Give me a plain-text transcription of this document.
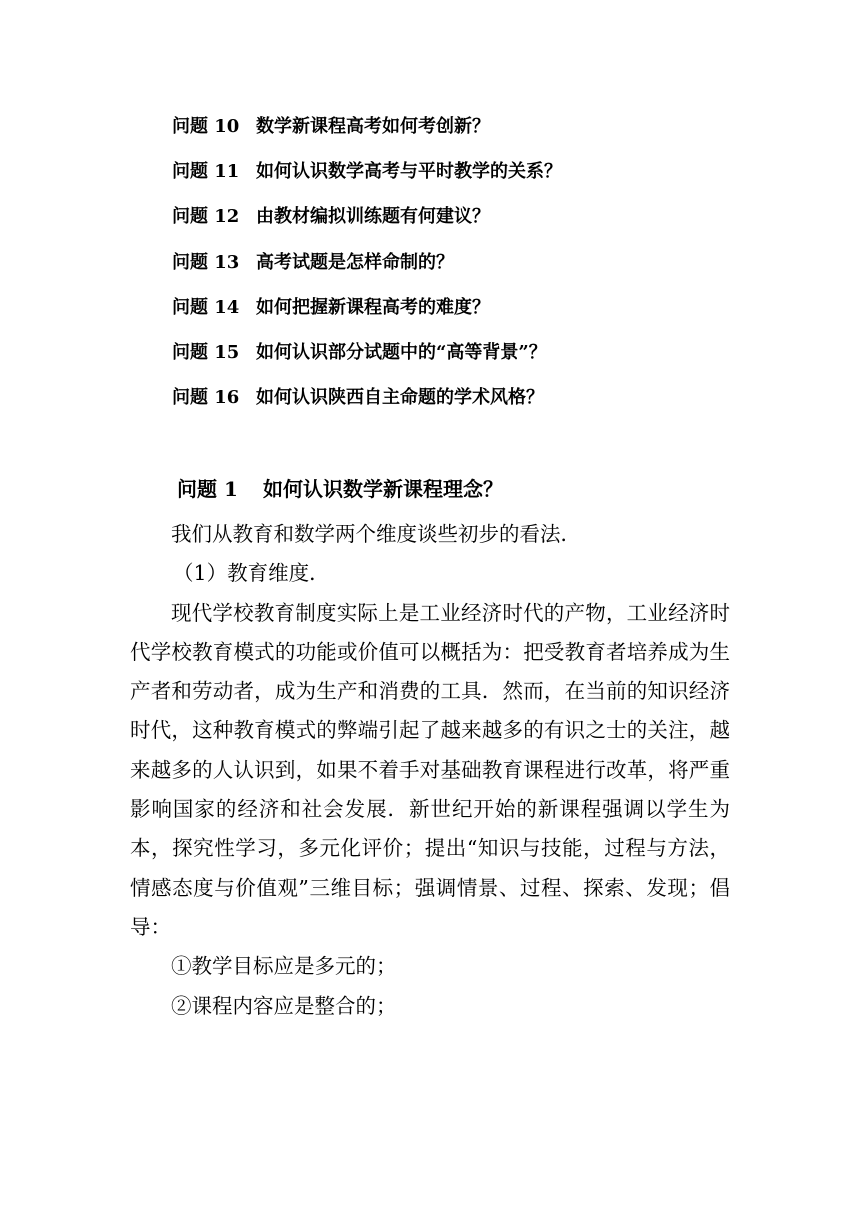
问题 10 数学新课程高考如何考创新？
问题 11 如何认识数学高考与平时教学的关系？
问题 12 由教材编拟训练题有何建议？
问题 13 高考试题是怎样命制的？
问题 14 如何把握新课程高考的难度？
问题 15 如何认识部分试题中的“高等背景”？
问题 16 如何认识陕西自主命题的学术风格？
问题 1 如何认识数学新课程理念？

我们从教育和数学两个维度谈些初步的看法．

（1）教育维度．

现代学校教育制度实际上是工业经济时代的产物，工业经济时代学校教育模式的功能或价值可以概括为：把受教育者培养成为生产者和劳动者，成为生产和消费的工具．然而，在当前的知识经济时代，这种教育模式的弊端引起了越来越多的有识之士的关注，越来越多的人认识到，如果不着手对基础教育课程进行改革，将严重影响国家的经济和社会发展．新世纪开始的新课程强调以学生为本，探究性学习，多元化评价；提出“知识与技能，过程与方法，情感态度与价值观”三维目标；强调情景、过程、探索、发现；倡导：

①教学目标应是多元的；

②课程内容应是整合的；
